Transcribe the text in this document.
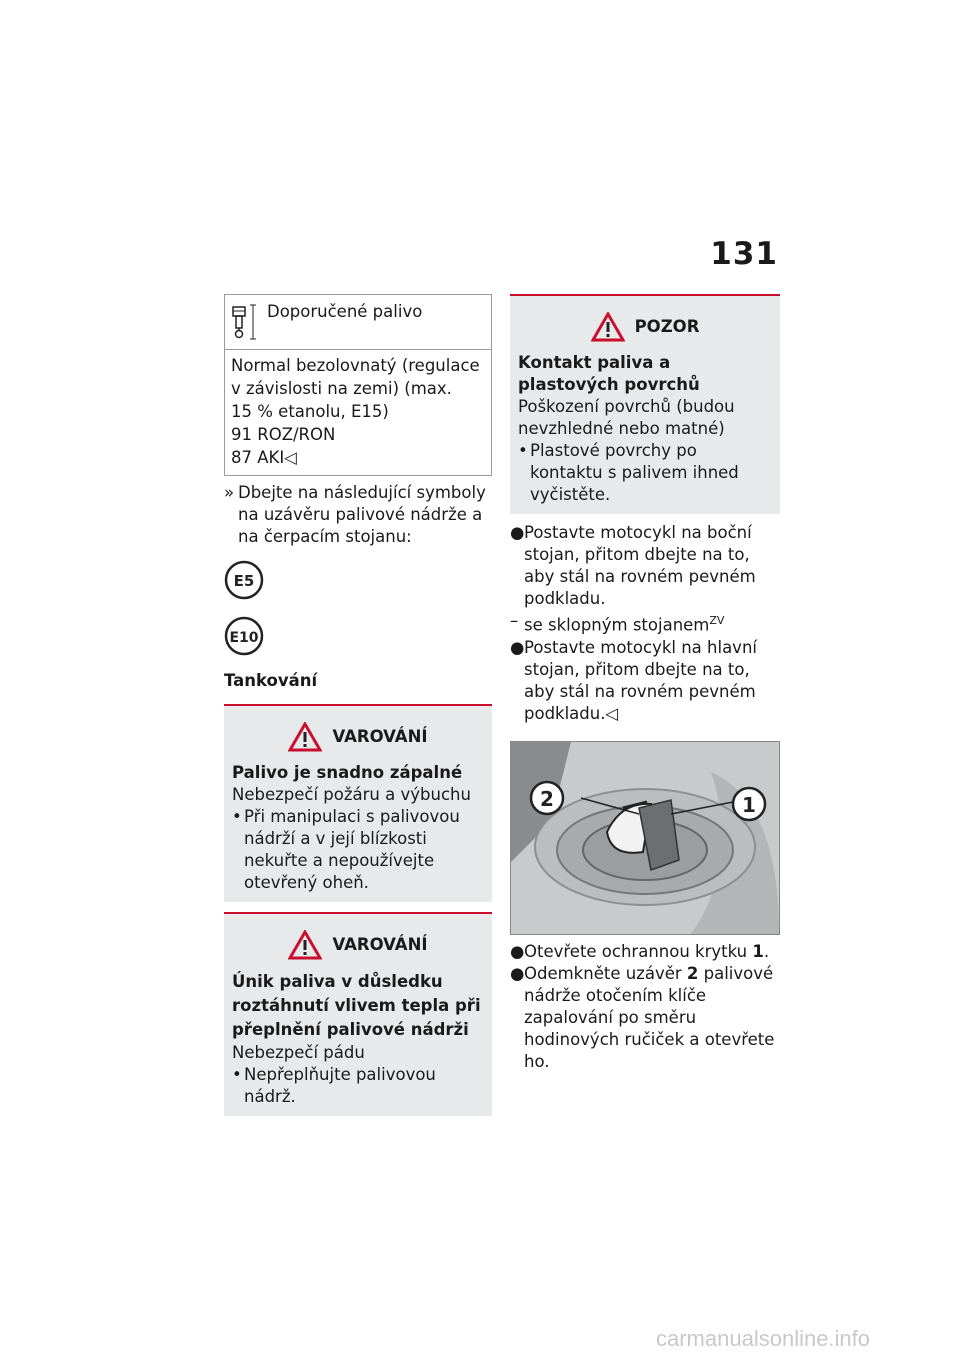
131
Doporučené palivo
Normal bezolovnatý (regulace
v závislosti na zemi) (max.
15 % etanolu, E15)
91 ROZ/RON
87 AKI◁
» Dbejte na následující symboly na uzávěru palivové nádrže a na čerpacím stojanu:
E5
E10
Tankování
VAROVÁNÍ
Palivo je snadno zápalné
Nebezpečí požáru a výbuchu
• Při manipulaci s palivovou nádrží a v její blízkosti nekuřte a nepoužívejte otevřený oheň.
VAROVÁNÍ
Únik paliva v důsledku roztáhnutí vlivem tepla při přeplnění palivové nádrži
Nebezpečí pádu
• Nepřeplňujte palivovou nádrž.
POZOR
Kontakt paliva a plastových povrchů
Poškození povrchů (budou nevzhledné nebo matné)
• Plastové povrchy po kontaktu s palivem ihned vyčistěte.
● Postavte motocykl na boční stojan, přitom dbejte na to, aby stál na rovném pevném podkladu.
– se sklopným stojanem$^{ZV}$
● Postavte motocykl na hlavní stojan, přitom dbejte na to, aby stál na rovném pevném podkladu.◁
2	1
● Otevřete ochrannou krytku 1.
● Odemkněte uzávěr 2 palivové nádrže otočením klíče zapalování po směru hodinových ručiček a otevřete ho.
carmanualsonline.info
